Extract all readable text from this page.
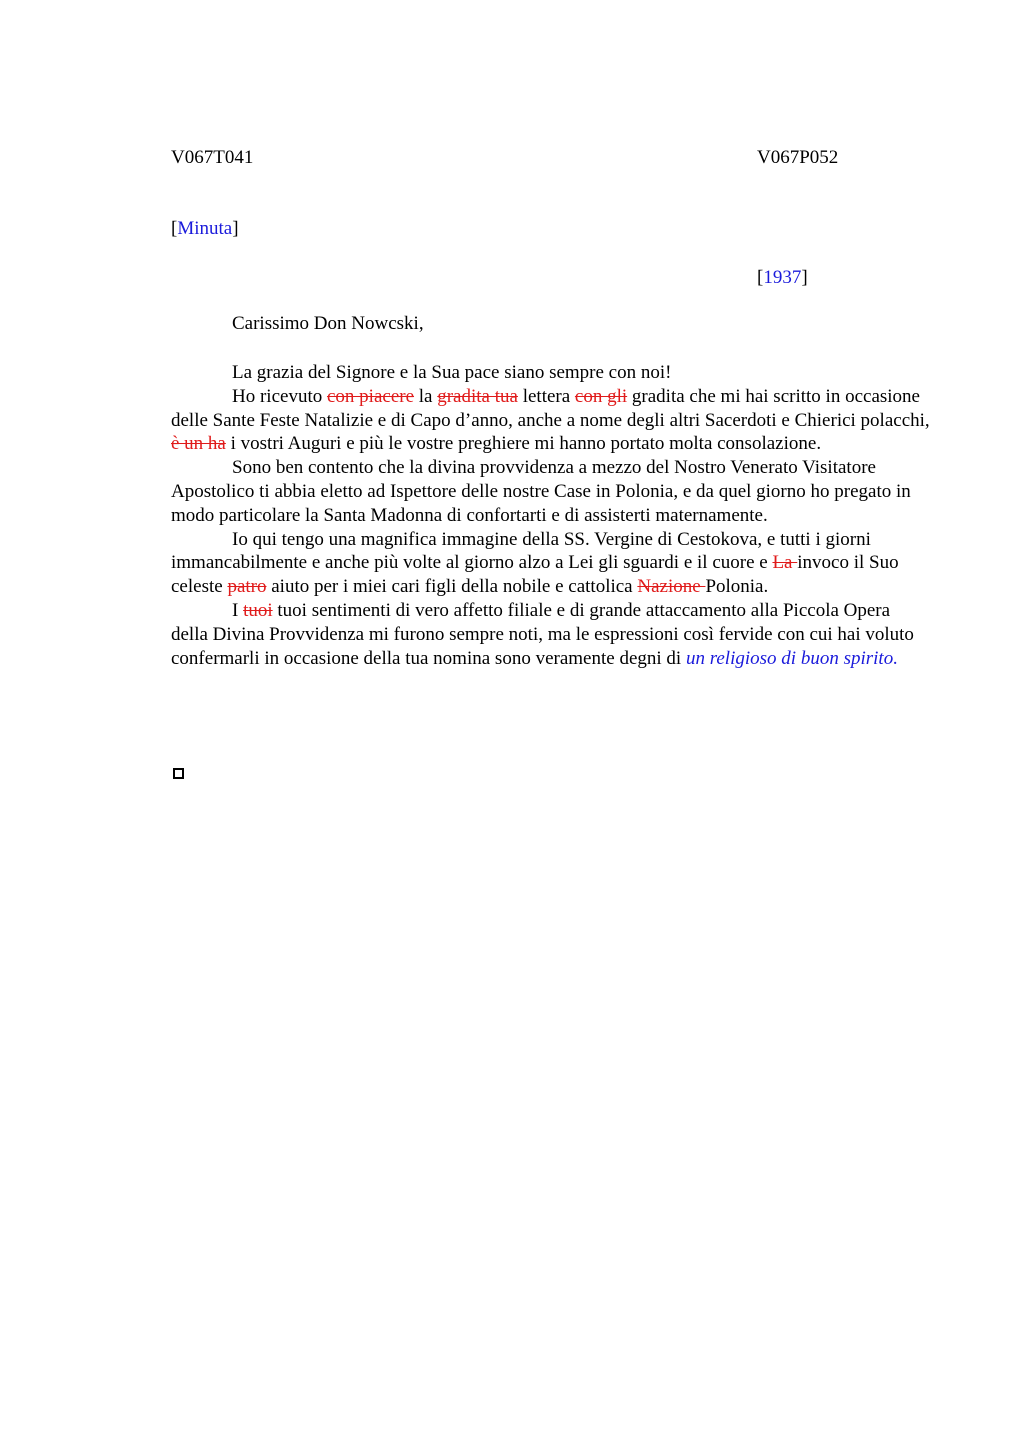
V067T041	V067P052
[Minuta]
[1937]
Carissimo Don Nowcski,

La grazia del Signore e la Sua pace siano sempre con noi!

Ho ricevuto con piacere la gradita tua lettera con gli gradita che mi hai scritto in occasione delle Sante Feste Natalizie e di Capo d’anno, anche a nome degli altri Sacerdoti e Chierici polacchi, è un ha i vostri Auguri e più le vostre preghiere mi hanno portato molta consolazione.

Sono ben contento che la divina provvidenza a mezzo del Nostro Venerato Visitatore Apostolico ti abbia eletto ad Ispettore delle nostre Case in Polonia, e da quel giorno ho pregato in modo particolare la Santa Madonna di confortarti e di assisterti maternamente.

Io qui tengo una magnifica immagine della SS. Vergine di Cestokova, e tutti i giorni immancabilmente e anche più volte al giorno alzo a Lei gli sguardi e il cuore e La invoco il Suo celeste patro aiuto per i miei cari figli della nobile e cattolica Nazione Polonia.

I tuoi tuoi sentimenti di vero affetto filiale e di grande attaccamento alla Piccola Opera della Divina Provvidenza mi furono sempre noti, ma le espressioni così fervide con cui hai voluto confermarli in occasione della tua nomina sono veramente degni di un religioso di buon spirito.
